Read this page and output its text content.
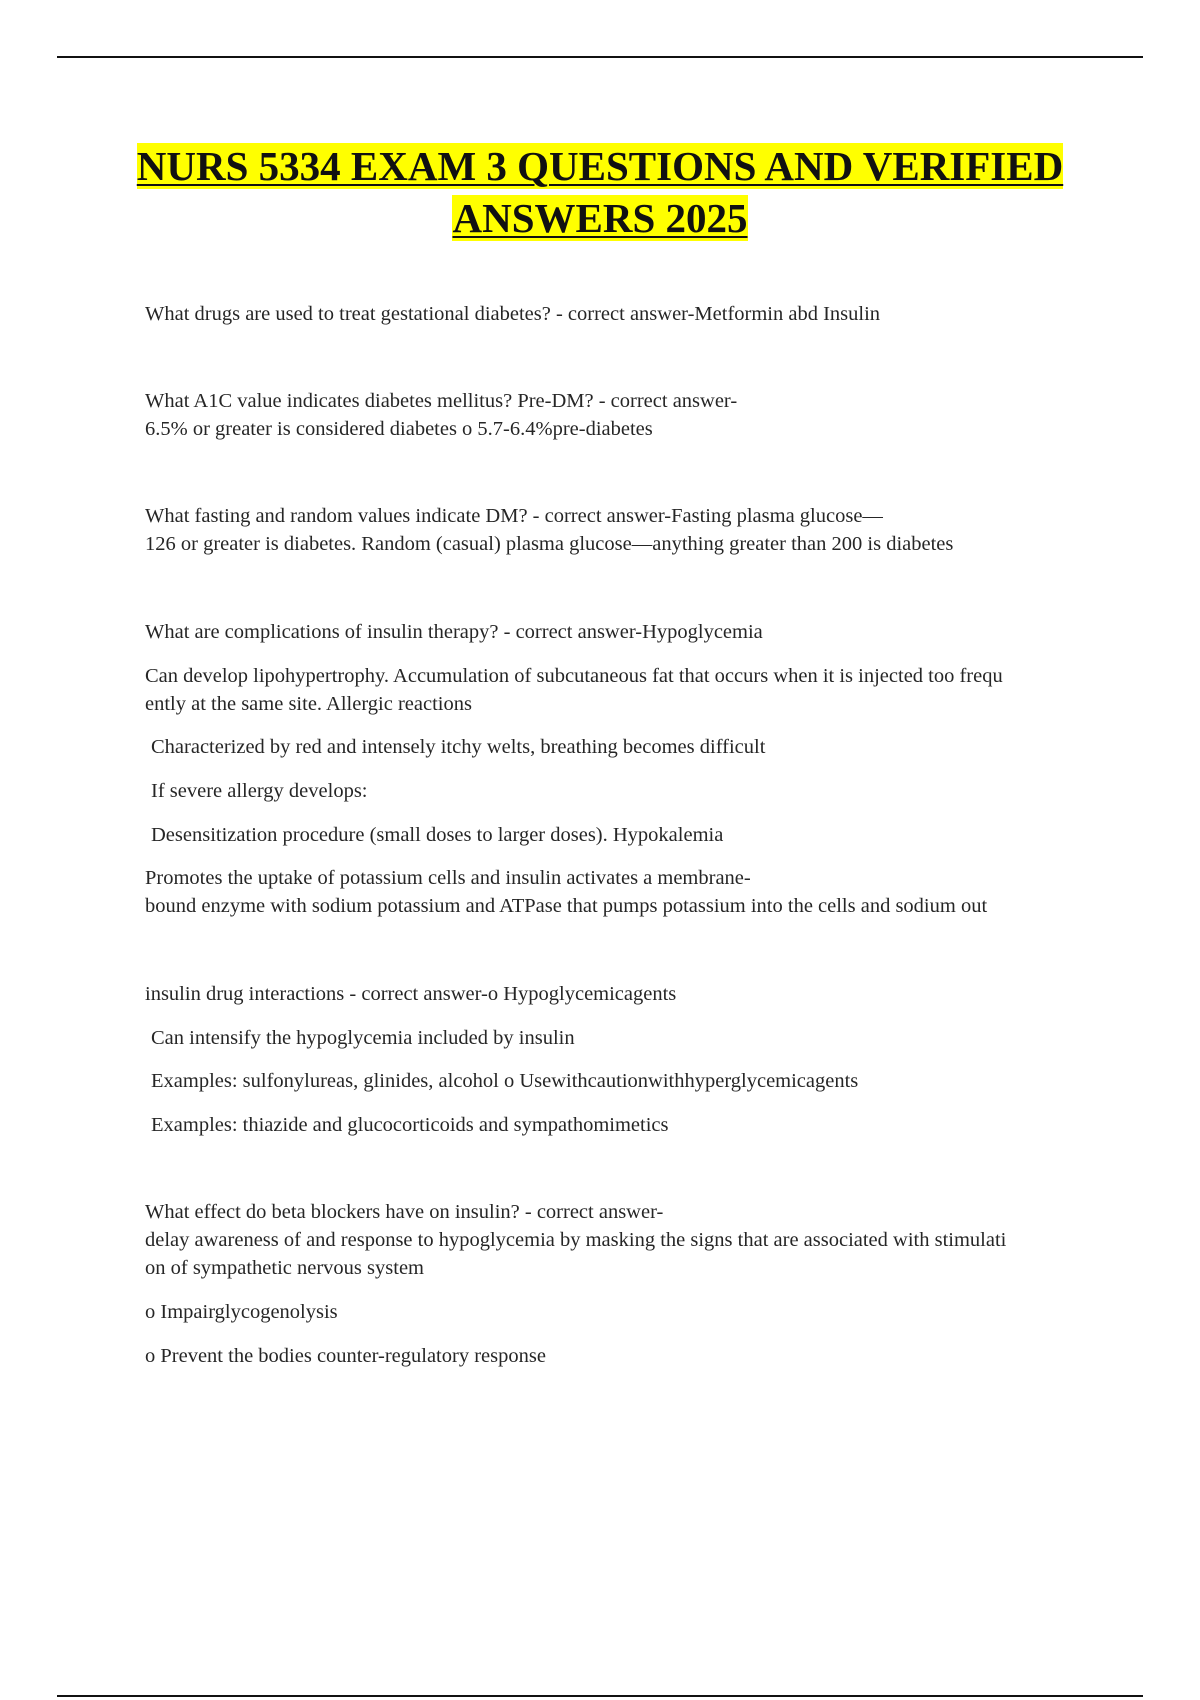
NURS 5334 EXAM 3 QUESTIONS AND VERIFIED
ANSWERS 2025

What drugs are used to treat gestational diabetes? - correct answer-Metformin abd Insulin

What A1C value indicates diabetes mellitus? Pre-DM? - correct answer-
6.5% or greater is considered diabetes o 5.7-6.4%pre-diabetes

What fasting and random values indicate DM? - correct answer-Fasting plasma glucose—
126 or greater is diabetes. Random (casual) plasma glucose—anything greater than 200 is diabetes

What are complications of insulin therapy? - correct answer-Hypoglycemia

Can develop lipohypertrophy. Accumulation of subcutaneous fat that occurs when it is injected too frequ
ently at the same site. Allergic reactions

Characterized by red and intensely itchy welts, breathing becomes difficult

If severe allergy develops:

Desensitization procedure (small doses to larger doses). Hypokalemia

Promotes the uptake of potassium cells and insulin activates a membrane-
bound enzyme with sodium potassium and ATPase that pumps potassium into the cells and sodium out

insulin drug interactions - correct answer-o Hypoglycemicagents

Can intensify the hypoglycemia included by insulin

Examples: sulfonylureas, glinides, alcohol o Usewithcautionwithhyperglycemicagents

Examples: thiazide and glucocorticoids and sympathomimetics

What effect do beta blockers have on insulin? - correct answer-
delay awareness of and response to hypoglycemia by masking the signs that are associated with stimulati
on of sympathetic nervous system

o Impairglycogenolysis

o Prevent the bodies counter-regulatory response
